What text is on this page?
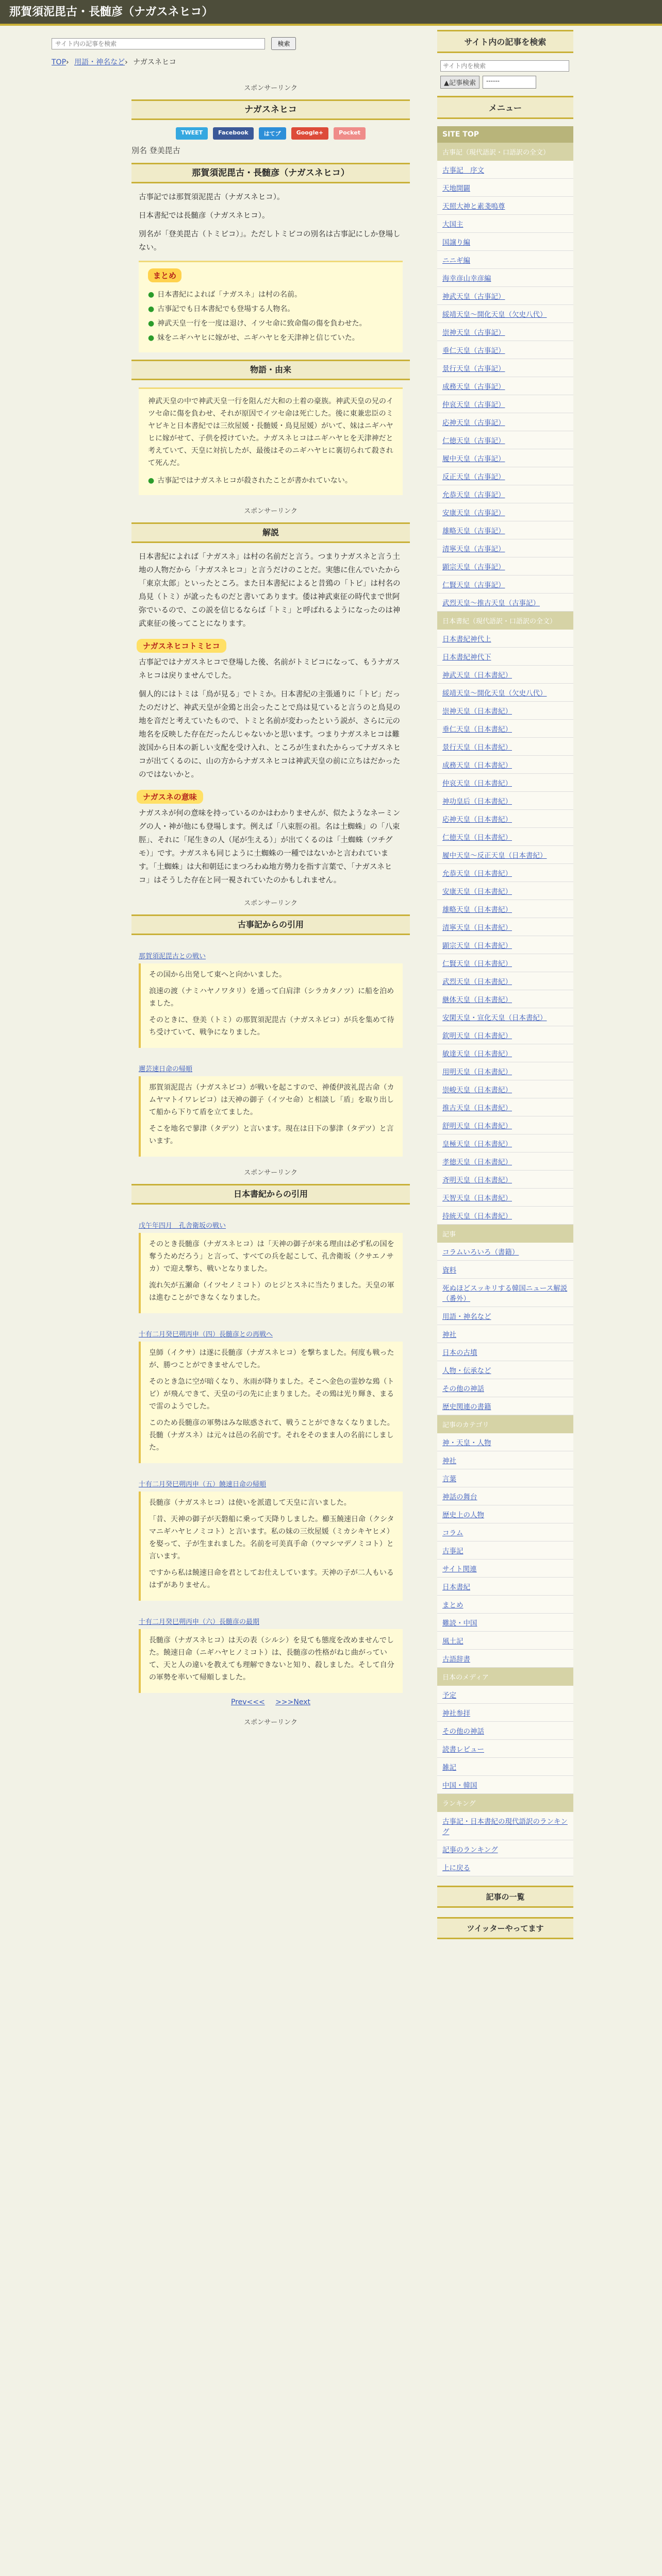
那賀須泥毘古・長髄彦（ナガスネヒコ）
サイト内の記事を検索 検索
TOP› 用語・神名など› ナガスネヒコ
スポンサーリンク
ナガスネヒコ
TWEET	Facebook	はてブ	Google+	Pocket
別名 登美毘古
那賀須泥毘古・長髄彦（ナガスネヒコ）

古事記では那賀須泥毘古（ナガスネヒコ）。

日本書紀では長髄彦（ナガスネヒコ）。

別名が「登美毘古（トミビコ）」。ただしトミビコの別名は古事記にしか登場しない。

まとめ
● 日本書紀によれば「ナガスネ」は村の名前。
● 古事記でも日本書紀でも登場する人物名。
● 神武天皇一行を一度は退け、イツセ命に致命傷の傷を負わせた。
● 妹をニギハヤヒに嫁がせ、ニギハヤヒを天津神と信じていた。
物語・由来

神武天皇の中で神武天皇一行を阻んだ大和の土着の豪族。神武天皇の兄のイツセ命に傷を負わせ、それが原因でイツセ命は死亡した。後に東兼忠臣のミヤビキと日本書紀では三炊屋媛・長髄媛・鳥見屋媛）がいて、妹はニギハヤヒに嫁がせて、子供を授けていた。ナガスネヒコはニギハヤヒを天津神だと考えていて、天皇に対抗したが、最後はそのニギハヤヒに裏切られて殺されて死んだ。

● 古事記ではナガスネヒコが殺されたことが書かれていない。
スポンサーリンク
解説

日本書紀によれば「ナガスネ」は村の名前だと言う。つまりナガスネと言う土地の人物だから「ナガスネヒコ」と言うだけのことだ。実態に住んでいたから「東京太郎」といったところ。また日本書紀によると昔鵄の「トビ」は村名の鳥見（トミ）が訛ったものだと書いてあります。倭は神武東征の時代まで世阿弥でいるので、この説を信じるならば「トミ」と呼ばれるようになったのは神武東征の後ってことになります。

ナガスネヒコトミヒコ

古事記ではナガスネヒコで登場した後、名前がトミビコになって、もうナガスネヒコは戻りませんでした。

個人的にはトミは「鳥が見る」でトミか。日本書紀の主張通りに「トビ」だったのだけど、神武天皇が金鵄と出会ったことで鳥は見ていると言うのと鳥見の地を音だと考えていたもので、トミと名前が変わったという説が、さらに元の地名を反映した存在だったんじゃないかと思います。つまりナガスネヒコは難波国から日本の新しい支配を受け入れ、ところが生まれたからってナガスネヒコが出てくるのに、山の方からナガスネヒコは神武天皇の前に立ちはだかったのではないかと。

ナガスネの意味

ナガスネが何の意味を持っているのかはわかりませんが、似たようなネーミングの人・神が他にも登場します。例えば「八束脛の祖。名は土蜘蛛」の「八束脛」、それに「尾生きの人（尾が生える）」が出てくるのは「土蜘蛛（ツチグモ）」です。ナガスネも同じように土蜘蛛の一種ではないかと言われています。「土蜘蛛」は大和朝廷にまつろわぬ地方勢力を指す言葉で、「ナガスネヒコ」はそうした存在と同一視されていたのかもしれません。

スポンサーリンク
古事記からの引用
那賀須泥毘古との戦い

その国から出発して東へと向かいました。

浪速の渡（ナミハヤノワタリ）を通って白肩津（シラカタノツ）に船を泊めました。

そのときに、登美（トミ）の那賀須泥毘古（ナガスネビコ）が兵を集めて待ち受けていて、戦争になりました。

邇芸速日命の帰順

那賀須泥毘古（ナガスネビコ）が戦いを起こすので、神倭伊波礼毘古命（カムヤマトイワレビコ）は天神の御子（イツセ命）と相談し「盾」を取り出して船から下りて盾を立てました。

そこを地名で蓼津（タデツ）と言います。現在は日下の蓼津（タデツ）と言います。

スポンサーリンク
日本書紀からの引用
戊午年四月　孔舎衛坂の戦い

そのとき長髄彦（ナガスネヒコ）は「天神の御子が来る理由は必ず私の国を奪うためだろう」と言って、すべての兵を起こして、孔舎衛坂（クサエノサカ）で迎え撃ち、戦いとなりました。

流れ矢が五瀬命（イツセノミコト）のヒジとスネに当たりました。天皇の軍は進むことができなくなりました。

十有二月癸巳朔丙申（四）長髄彦との再戦へ

皇師（イクサ）は遂に長髄彦（ナガスネヒコ）を撃ちました。何度も戦ったが、勝つことができませんでした。

そのとき急に空が暗くなり、氷雨が降りました。そこへ金色の霊妙な鵄（トビ）が飛んできて、天皇の弓の先に止まりました。その鵄は光り輝き、まるで雷のようでした。

このため長髄彦の軍勢はみな眩惑されて、戦うことができなくなりました。長髄（ナガスネ）は元々は邑の名前です。それをそのまま人の名前にしました。

十有二月癸巳朔丙申（五）饒速日命の帰順

長髄彦（ナガスネヒコ）は使いを派遣して天皇に言いました。

「昔、天神の御子が天磐船に乗って天降りしました。櫛玉饒速日命（クシタマニギハヤヒノミコト）と言います。私の妹の三炊屋媛（ミカシキヤヒメ）を娶って、子が生まれました。名前を可美真手命（ウマシマデノミコト）と言います。

ですから私は饒速日命を君としてお仕えしています。天神の子が二人もいるはずがありません。

十有二月癸巳朔丙申（六）長髄彦の最期

長髄彦（ナガスネヒコ）は天の表（シルシ）を見ても態度を改めませんでした。饒速日命（ニギハヤヒノミコト）は、長髄彦の性格がねじ曲がっていて、天と人の違いを教えても理解できないと知り、殺しました。そして自分の軍勢を率いて帰順しました。

Prev<<< >>>Next
スポンサーリンク
サイト内の記事を検索
サイト内を検索
▲記事検索	------
メニュー
SITE TOP
古事記（現代語訳・口語訳の全文）
古事記　序文
天地開闢
天照大神と素戔嗚尊
大国主
国譲り編
ニニギ編
海幸彦山幸彦編
神武天皇（古事記）
綏靖天皇〜開化天皇（欠史八代）
崇神天皇（古事記）
垂仁天皇（古事記）
景行天皇（古事記）
成務天皇（古事記）
仲哀天皇（古事記）
応神天皇（古事記）
仁徳天皇（古事記）
履中天皇（古事記）
反正天皇（古事記）
允恭天皇（古事記）
安康天皇（古事記）
雄略天皇（古事記）
清寧天皇（古事記）
顕宗天皇（古事記）
仁賢天皇（古事記）
武烈天皇〜推古天皇（古事記）
日本書紀（現代語訳・口語訳の全文）
日本書紀神代上
日本書紀神代下
神武天皇（日本書紀）
綏靖天皇〜開化天皇（欠史八代）
崇神天皇（日本書紀）
垂仁天皇（日本書紀）
景行天皇（日本書紀）
成務天皇（日本書紀）
仲哀天皇（日本書紀）
神功皇后（日本書紀）
応神天皇（日本書紀）
仁徳天皇（日本書紀）
履中天皇〜反正天皇（日本書紀）
允恭天皇（日本書紀）
安康天皇（日本書紀）
雄略天皇（日本書紀）
清寧天皇（日本書紀）
顕宗天皇（日本書紀）
仁賢天皇（日本書紀）
武烈天皇（日本書紀）
継体天皇（日本書紀）
安閑天皇・宣化天皇（日本書紀）
欽明天皇（日本書紀）
敏達天皇（日本書紀）
用明天皇（日本書紀）
崇峻天皇（日本書紀）
推古天皇（日本書紀）
舒明天皇（日本書紀）
皇極天皇（日本書紀）
孝徳天皇（日本書紀）
斉明天皇（日本書紀）
天智天皇（日本書紀）
持統天皇（日本書紀）
記事
コラムいろいろ（書籍）
資料
死ぬほどスッキリする韓国ニュース解説（番外）
用語・神名など
神社
日本の古墳
人物・伝承など
その他の神話
歴史関連の書籍
記事のカテゴリ
神・天皇・人物
神社
言葉
神話の舞台
歴史上の人物
コラム
古事記
サイト関連
日本書紀
まとめ
難読・中国
風土記
古語辞書
日本のメディア
予定
神社参拝
その他の神話
読書レビュー
雑記
中国・韓国
ランキング
古事記・日本書紀の現代語訳のランキング
記事のランキング
上に戻る
記事の一覧
ツイッターやってます
